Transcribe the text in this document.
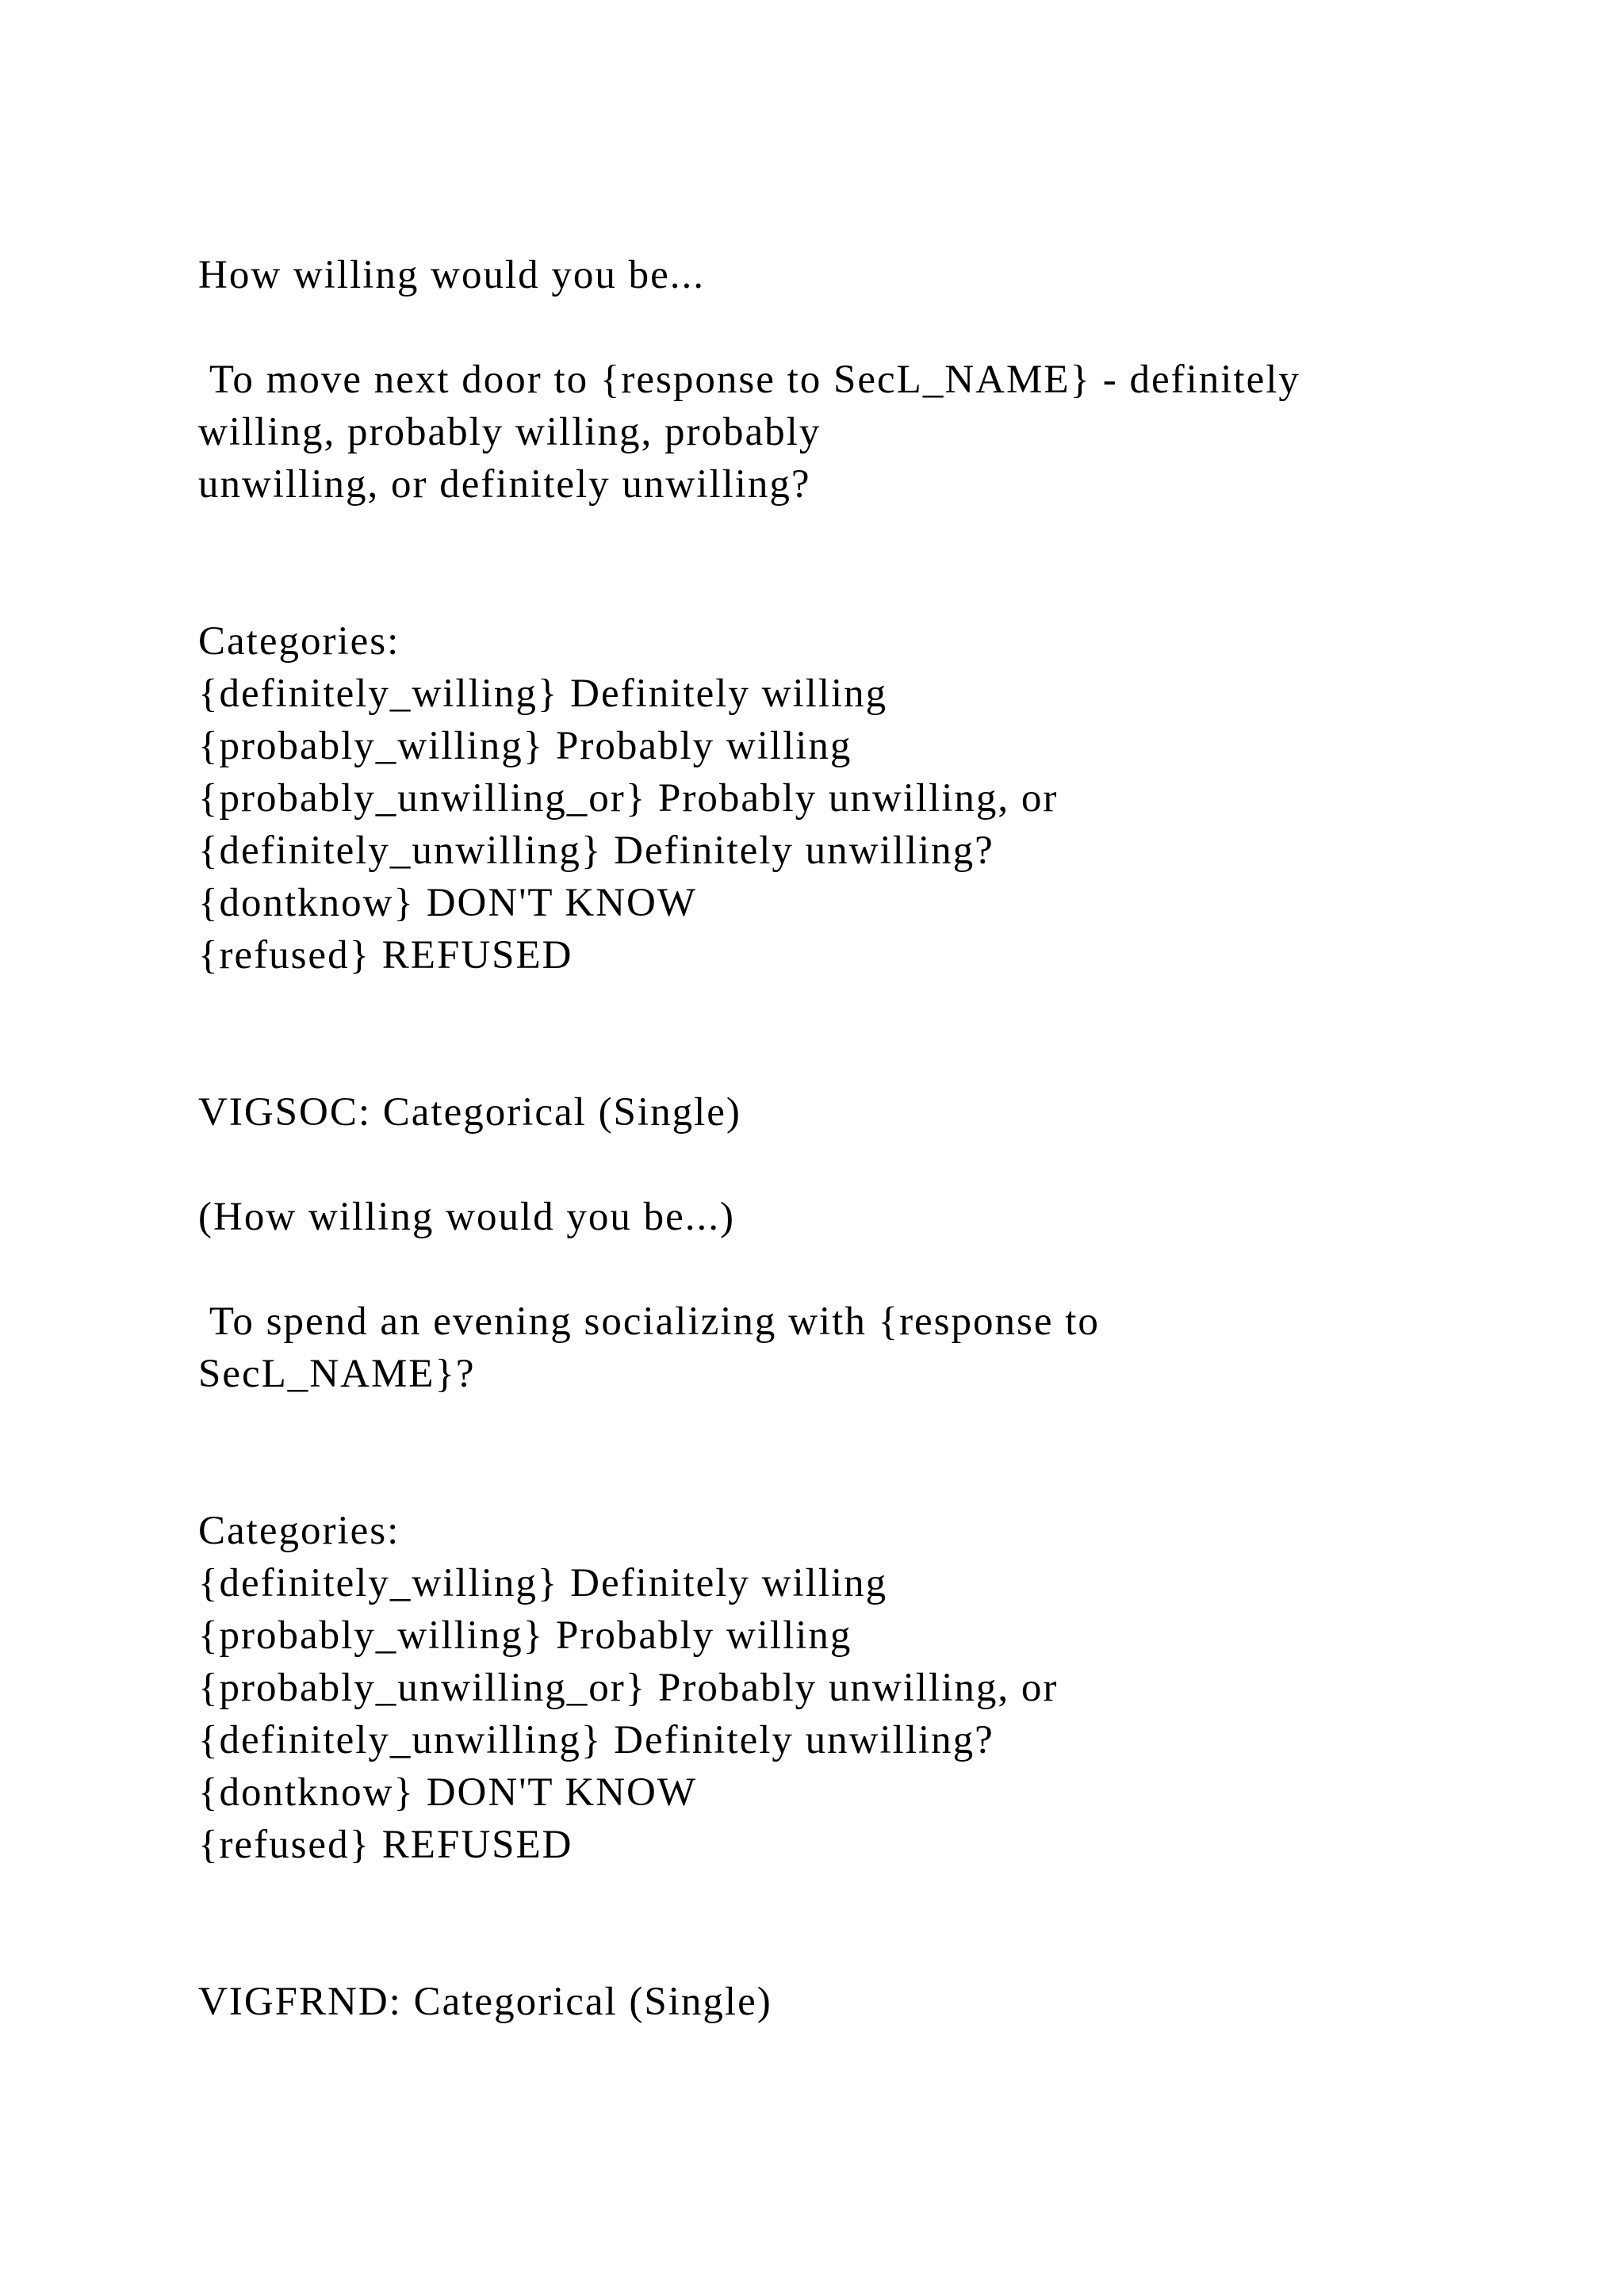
How willing would you be...
To move next door to {response to SecL_NAME} - definitely
willing, probably willing, probably
unwilling, or definitely unwilling?
Categories:
{definitely_willing} Definitely willing
{probably_willing} Probably willing
{probably_unwilling_or} Probably unwilling, or
{definitely_unwilling} Definitely unwilling?
{dontknow} DON'T KNOW
{refused} REFUSED
VIGSOC: Categorical (Single)
(How willing would you be...)
To spend an evening socializing with {response to
SecL_NAME}?
Categories:
{definitely_willing} Definitely willing
{probably_willing} Probably willing
{probably_unwilling_or} Probably unwilling, or
{definitely_unwilling} Definitely unwilling?
{dontknow} DON'T KNOW
{refused} REFUSED
VIGFRND: Categorical (Single)
